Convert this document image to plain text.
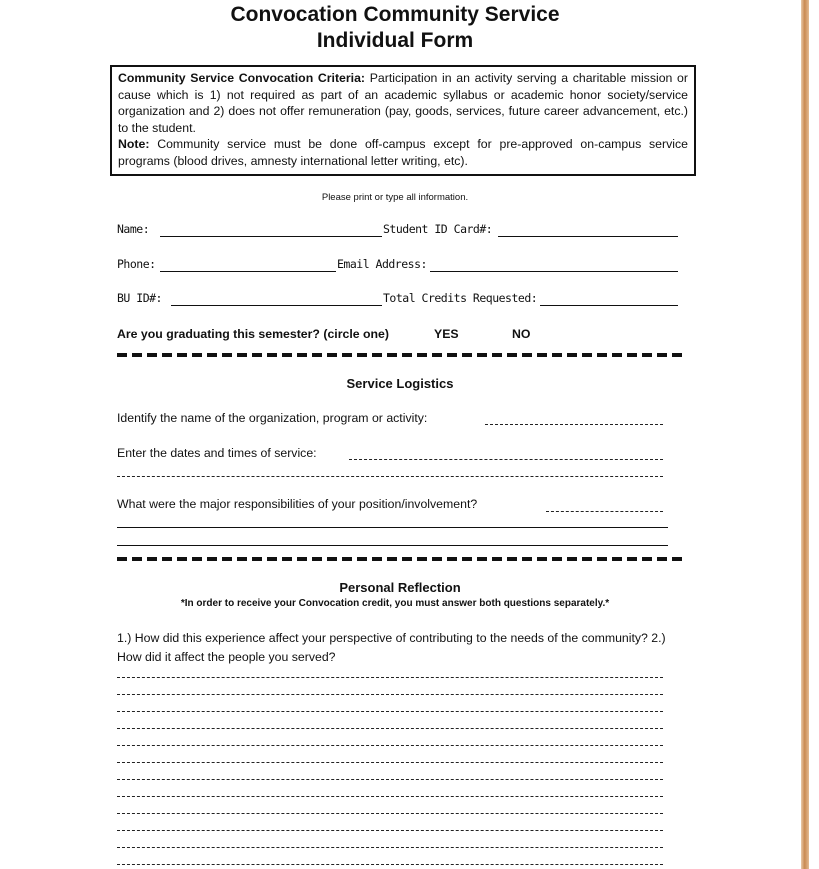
Convocation Community Service
Individual Form
Community Service Convocation Criteria: Participation in an activity serving a charitable mission or cause which is 1) not required as part of an academic syllabus or academic honor society/service organization and 2) does not offer remuneration (pay, goods, services, future career advancement, etc.) to the student.
Note: Community service must be done off-campus except for pre-approved on-campus service programs (blood drives, amnesty international letter writing, etc).
Please print or type all information.
Name:	Student ID Card#:
Phone:	Email Address:
BU ID#:	Total Credits Requested:
Are you graduating this semester? (circle one)	YES	NO
Service Logistics
Identify the name of the organization, program or activity:
Enter the dates and times of service:
What were the major responsibilities of your position/involvement?
Personal Reflection
*In order to receive your Convocation credit, you must answer both questions separately.*
1.) How did this experience affect your perspective of contributing to the needs of the community? 2.) How did it affect the people you served?
